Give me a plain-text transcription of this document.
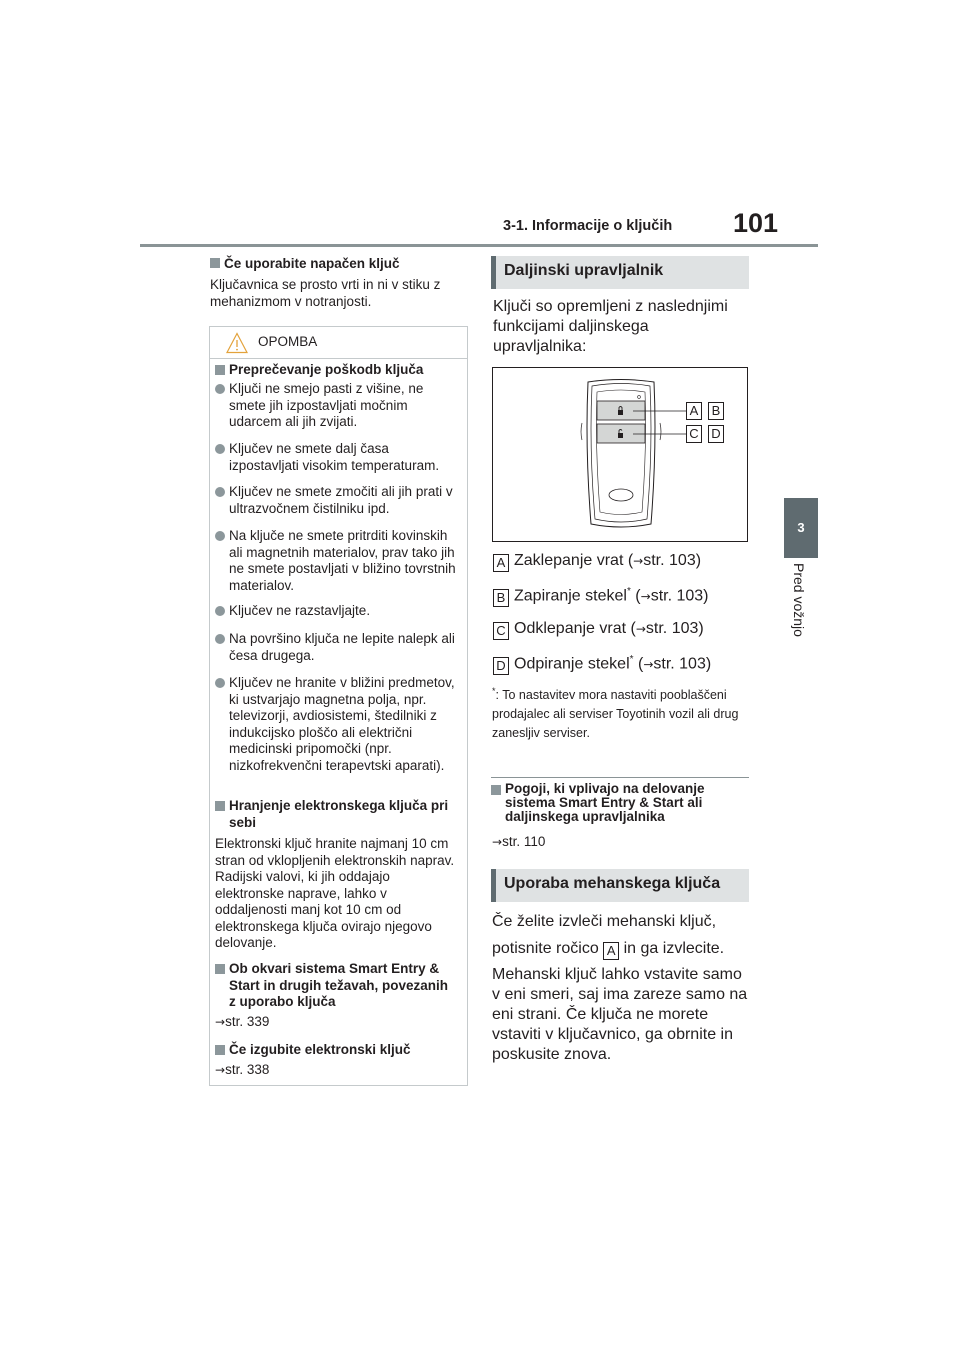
3-1. Informacije o ključih 101
3
Pred vožnjo
Če uporabite napačen ključ
Ključavnica se prosto vrti in ni v stiku z mehanizmom v notranjosti.
OPOMBA
Preprečevanje poškodb ključa
Ključi ne smejo pasti z višine, ne smete jih izpostavljati močnim udarcem ali jih zvijati.
Ključev ne smete dalj časa izpostavljati visokim temperaturam.
Ključev ne smete zmočiti ali jih prati v ultrazvočnem čistilniku ipd.
Na ključe ne smete pritrditi kovinskih ali magnetnih materialov, prav tako jih ne smete postavljati v bližino tovrstnih materialov.
Ključev ne razstavljajte.
Na površino ključa ne lepite nalepk ali česa drugega.
Ključev ne hranite v bližini predmetov, ki ustvarjajo magnetna polja, npr. televizorji, avdiosistemi, štedilniki z indukcijsko ploščo ali električni medicinski pripomočki (npr. nizkofrekvenčni terapevtski aparati).
Hranjenje elektronskega ključa pri sebi
Elektronski ključ hranite najmanj 10 cm stran od vklopljenih elektronskih naprav. Radijski valovi, ki jih oddajajo elektronske naprave, lahko v oddaljenosti manj kot 10 cm od elektronskega ključa ovirajo njegovo delovanje.
Ob okvari sistema Smart Entry & Start in drugih težavah, povezanih z uporabo ključa
→str. 339
Če izgubite elektronski ključ
→str. 338
Daljinski upravljalnik
Ključi so opremljeni z naslednjimi funkcijami daljinskega upravljalnika:
A B
C D
A Zaklepanje vrat (→str. 103)
B Zapiranje stekel* (→str. 103)
C Odklepanje vrat (→str. 103)
D Odpiranje stekel* (→str. 103)
*: To nastavitev mora nastaviti pooblaščeni prodajalec ali serviser Toyotinih vozil ali drug zanesljiv serviser.
Pogoji, ki vplivajo na delovanje sistema Smart Entry & Start ali daljinskega upravljalnika
→str. 110
Uporaba mehanskega ključa
Če želite izvleči mehanski ključ,
potisnite ročico A in ga izvlecite.
Mehanski ključ lahko vstavite samo v eni smeri, saj ima zareze samo na eni strani. Če ključa ne morete vstaviti v ključavnico, ga obrnite in poskusite znova.
